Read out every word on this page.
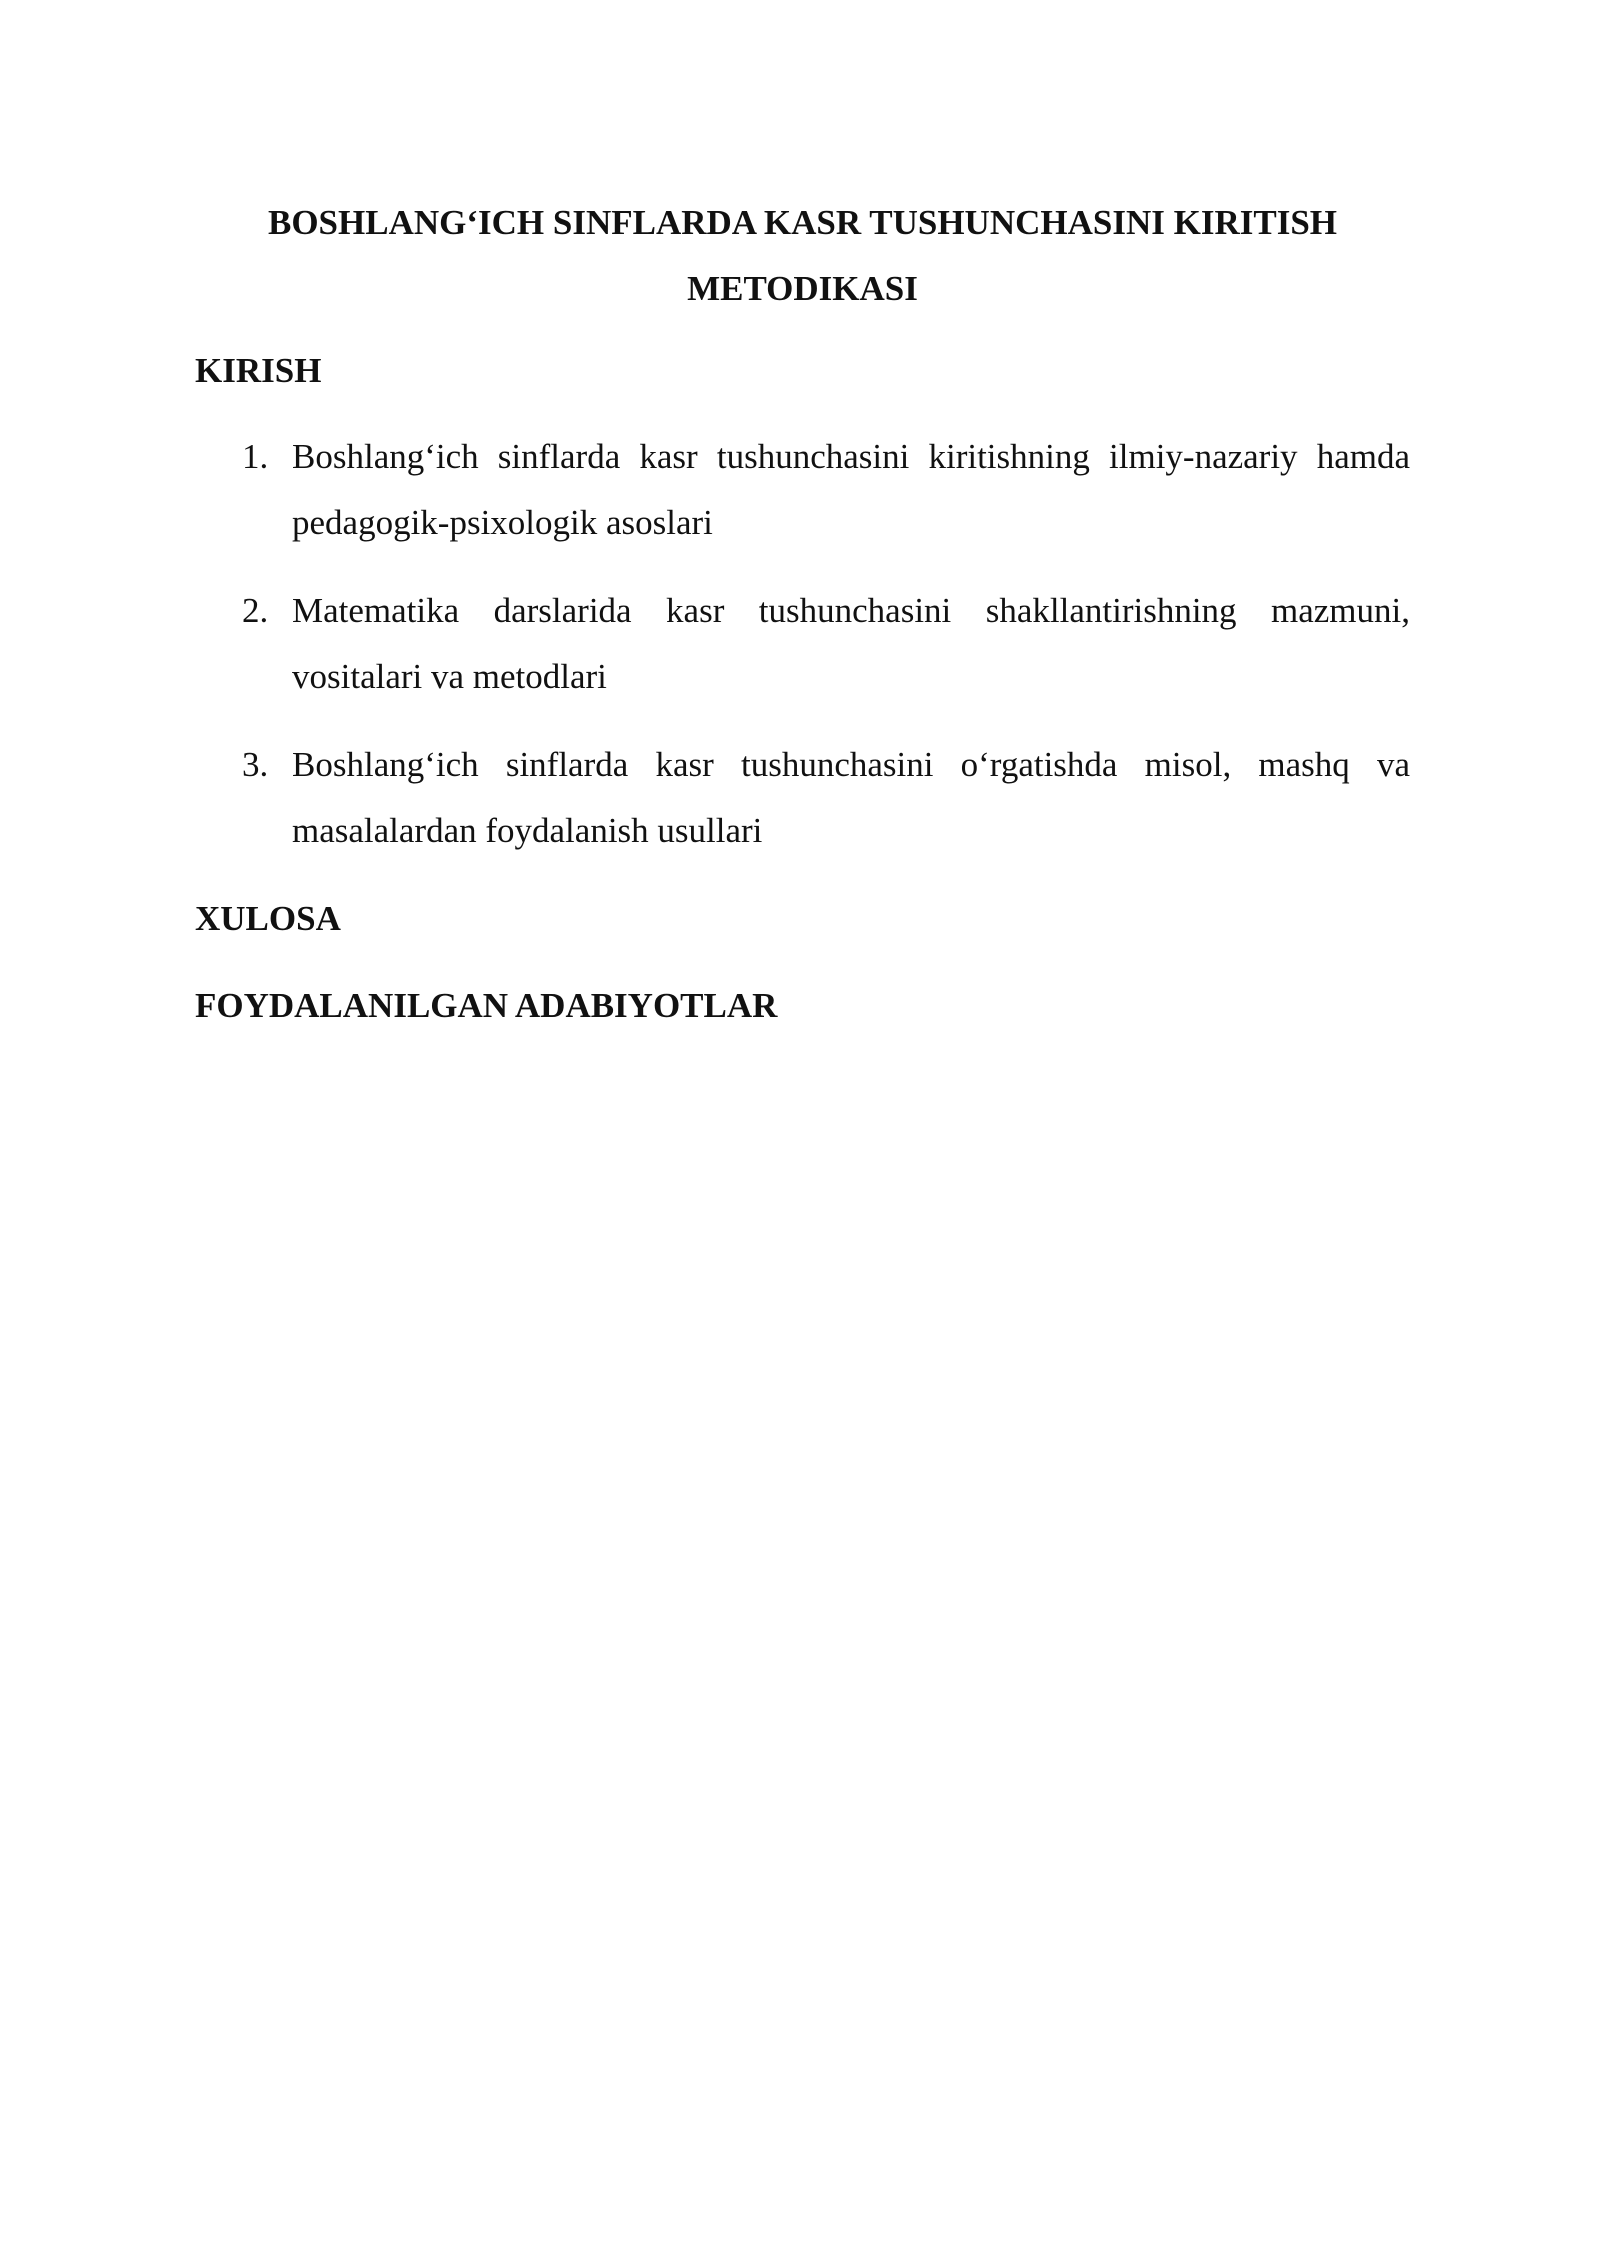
BOSHLANG‘ICH SINFLARDA KASR TUSHUNCHASINI KIRITISH METODIKASI
KIRISH
1. Boshlang‘ich sinflarda kasr tushunchasini kiritishning ilmiy-nazariy hamda pedagogik-psixologik asoslari
2. Matematika darslarida kasr tushunchasini shakllantirishning mazmuni, vositalari va metodlari
3. Boshlang‘ich sinflarda kasr tushunchasini o‘rgatishda misol, mashq va masalalardan foydalanish usullari
XULOSA
FOYDALANILGAN ADABIYOTLAR
